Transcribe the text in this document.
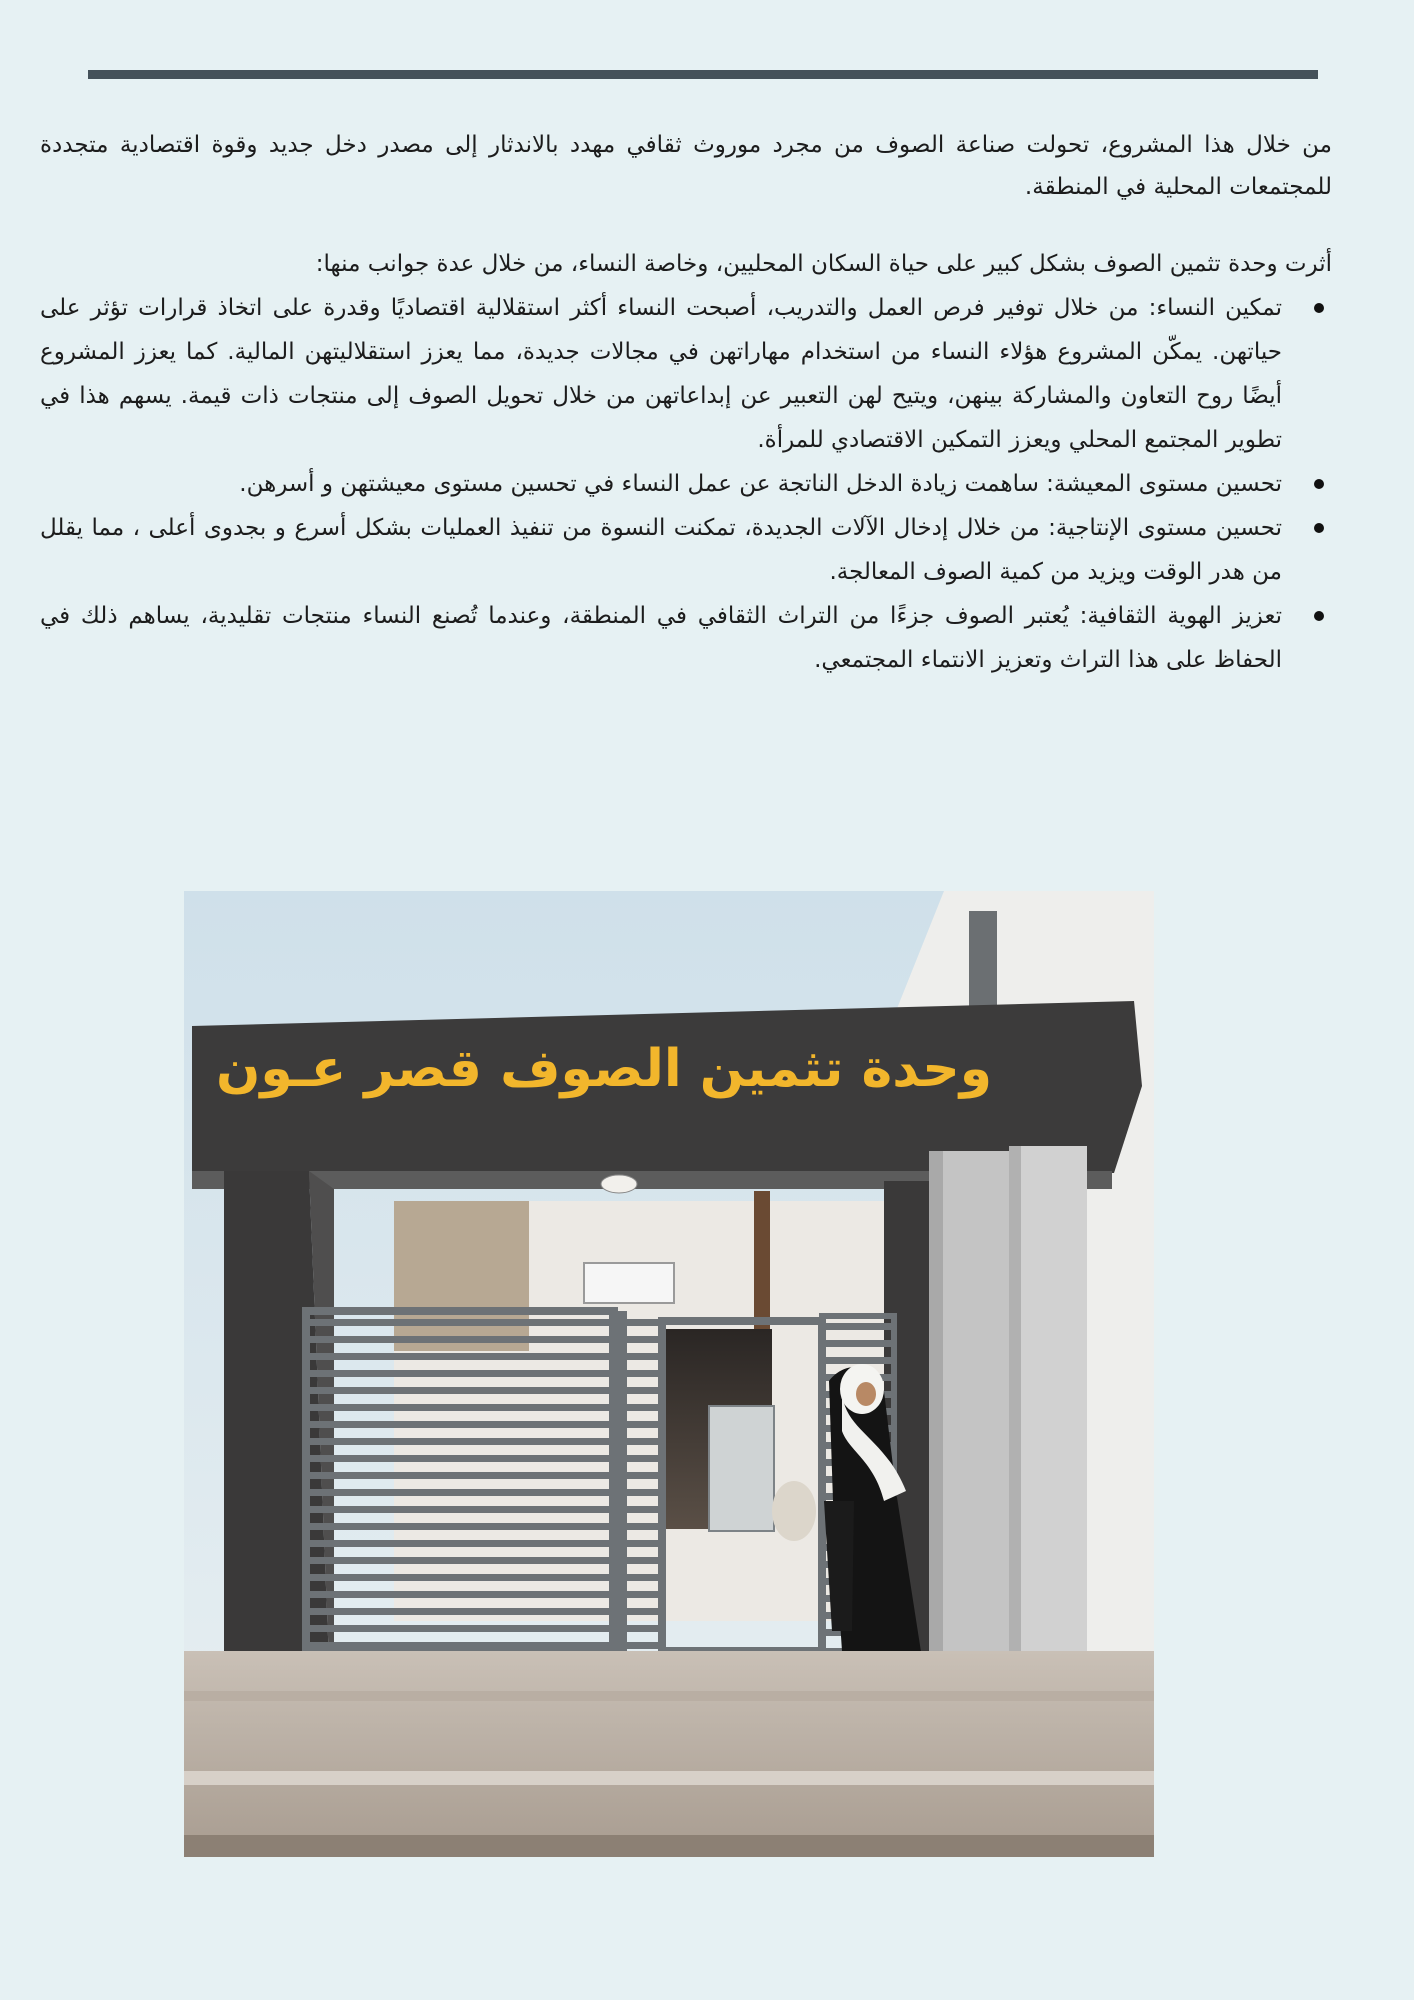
من خلال هذا المشروع، تحولت صناعة الصوف من مجرد موروث ثقافي مهدد بالاندثار إلى مصدر دخل جديد وقوة اقتصادية متجددة للمجتمعات المحلية في المنطقة.

أثرت وحدة تثمين الصوف بشكل كبير على حياة السكان المحليين، وخاصة النساء، من خلال عدة جوانب منها:

تمكين النساء: من خلال توفير فرص العمل والتدريب، أصبحت النساء أكثر استقلالية اقتصاديًا وقدرة على اتخاذ قرارات تؤثر على حياتهن. يمكّن المشروع هؤلاء النساء من استخدام مهاراتهن في مجالات جديدة، مما يعزز استقلاليتهن المالية. كما يعزز المشروع أيضًا روح التعاون والمشاركة بينهن، ويتيح لهن التعبير عن إبداعاتهن من خلال تحويل الصوف إلى منتجات ذات قيمة. يسهم هذا في تطوير المجتمع المحلي ويعزز التمكين الاقتصادي للمرأة.
تحسين مستوى المعيشة: ساهمت زيادة الدخل الناتجة عن عمل النساء في تحسين مستوى معيشتهن و أسرهن.
تحسين مستوى الإنتاجية: من خلال إدخال الآلات الجديدة، تمكنت النسوة من تنفيذ العمليات بشكل أسرع و بجدوى أعلى ، مما يقلل من هدر الوقت ويزيد من كمية الصوف المعالجة.
تعزيز الهوية الثقافية: يُعتبر الصوف جزءًا من التراث الثقافي في المنطقة، وعندما تُصنع النساء منتجات تقليدية، يساهم ذلك في الحفاظ على هذا التراث وتعزيز الانتماء المجتمعي.
وحدة تثمين الصوف قصر عـون
